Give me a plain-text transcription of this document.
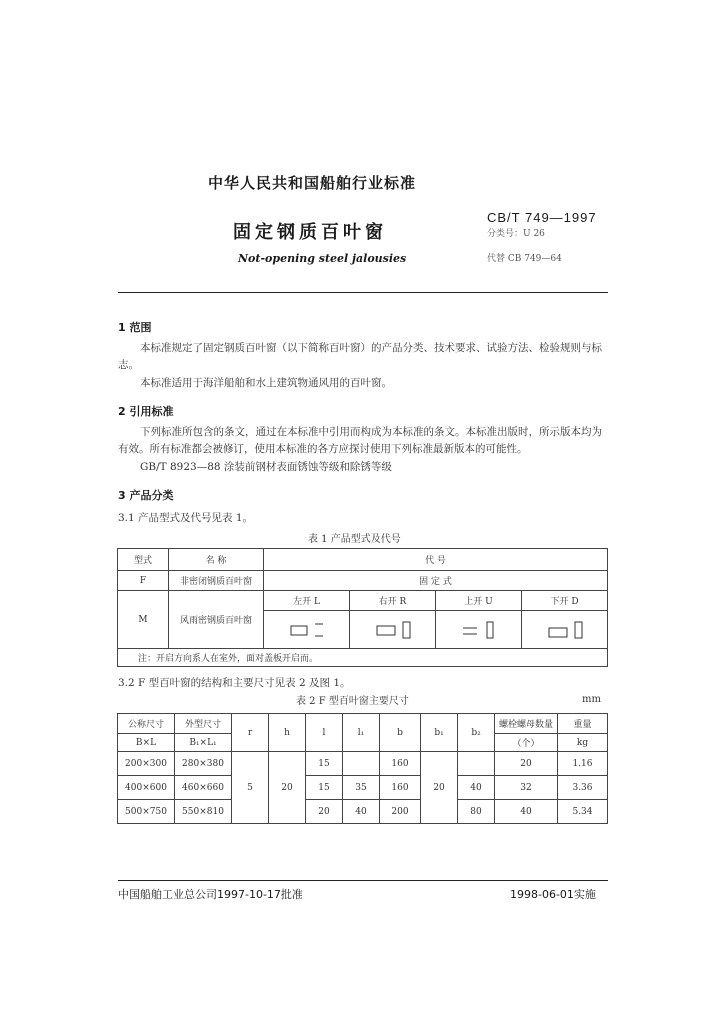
中华人民共和国船舶行业标准
固定钢质百叶窗
Not-opening steel jalousies
CB/T 749—1997
分类号：U 26
代替 CB 749—64
1 范围
本标准规定了固定钢质百叶窗（以下简称百叶窗）的产品分类、技术要求、试验方法、检验规则与标志。
本标准适用于海洋船舶和水上建筑物通风用的百叶窗。
2 引用标准
下列标准所包含的条文，通过在本标准中引用而构成为本标准的条文。本标准出版时，所示版本均为有效。所有标准都会被修订，使用本标准的各方应探讨使用下列标准最新版本的可能性。
GB/T 8923—88 涂装前钢材表面锈蚀等级和除锈等级
3 产品分类
3.1 产品型式及代号见表 1。
表 1 产品型式及代号
型式	名 称	代 号			
F	非密闭钢质百叶窗	固 定 式			
M	风雨密钢质百叶窗	左开 L	右开 R	上开 U	下开 D

注：开启方向系人在室外，面对盖板开启而。					
3.2 F 型百叶窗的结构和主要尺寸见表 2 及图 1。
表 2 F 型百叶窗主要尺寸	mm
公称尺寸	外型尺寸	r	h	l	l₁	b	b₁	b₂	螺栓螺母数量	重量
B×L	B₁×L₁								（个）	kg
200×300	280×380	5	20	15		160	20		20	1.16
400×600	460×660			15	35	160		40	32	3.36
500×750	550×810			20	40	200		80	40	5.34
中国船舶工业总公司1997-10-17批准	1998-06-01实施
